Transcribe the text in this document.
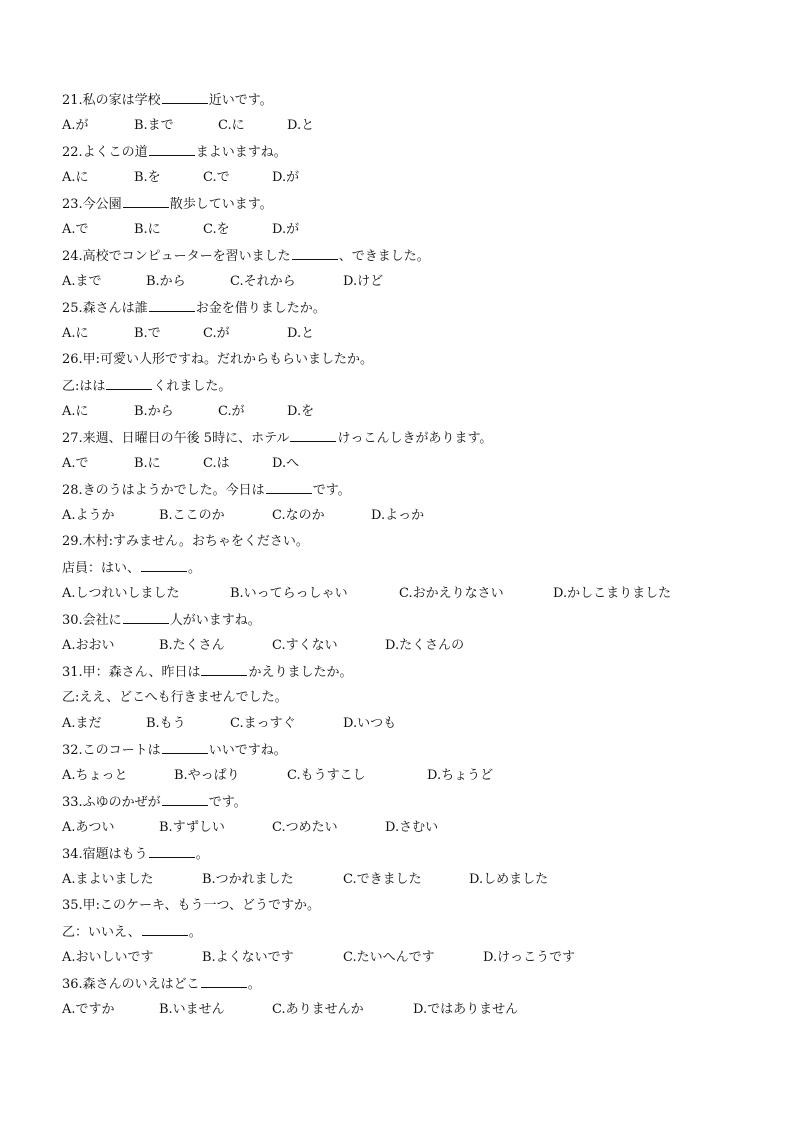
21.私の家は学校	近いです。
A.が	B.まで	C.に	D.と
22.よくこの道	まよいますね。
A.に	B.を	C.で	D.が
23.今公園	散歩しています。
A.で	B.に	C.を	D.が
24.高校でコンピューターを習いました	、できました。
A.まで	B.から	C.それから	D.けど
25.森さんは誰	お金を借りましたか。
A.に	B.で	C.が	D.と
26.甲:可愛い人形ですね。だれからもらいましたか。
乙:はは	くれました。
A.に	B.から	C.が	D.を
27.来週、日曜日の午後 5時に、ホテル	けっこんしきがあります。
A.で	B.に	C.は	D.へ
28.きのうはようかでした。今日は	です。
A.ようか	B.ここのか	C.なのか	D.よっか
29.木村:すみません。おちゃをください。
店員：はい、	。
A.しつれいしました	B.いってらっしゃい	C.おかえりなさい	D.かしこまりました
30.会社に	人がいますね。
A.おおい	B.たくさん	C.すくない	D.たくさんの
31.甲：森さん、昨日は	かえりましたか。
乙:ええ、どこへも行きませんでした。
A.まだ	B.もう	C.まっすぐ	D.いつも
32.このコートは	いいですね。
A.ちょっと	B.やっぱり	C.もうすこし	D.ちょうど
33.ふゆのかぜが	です。
A.あつい	B.すずしい	C.つめたい	D.さむい
34.宿題はもう	。
A.まよいました	B.つかれました	C.できました	D.しめました
35.甲:このケーキ、もう一つ、どうですか。
乙：いいえ、	。
A.おいしいです	B.よくないです	C.たいへんです	D.けっこうです
36.森さんのいえはどこ	。
A.ですか	B.いません	C.ありませんか	D.ではありません
